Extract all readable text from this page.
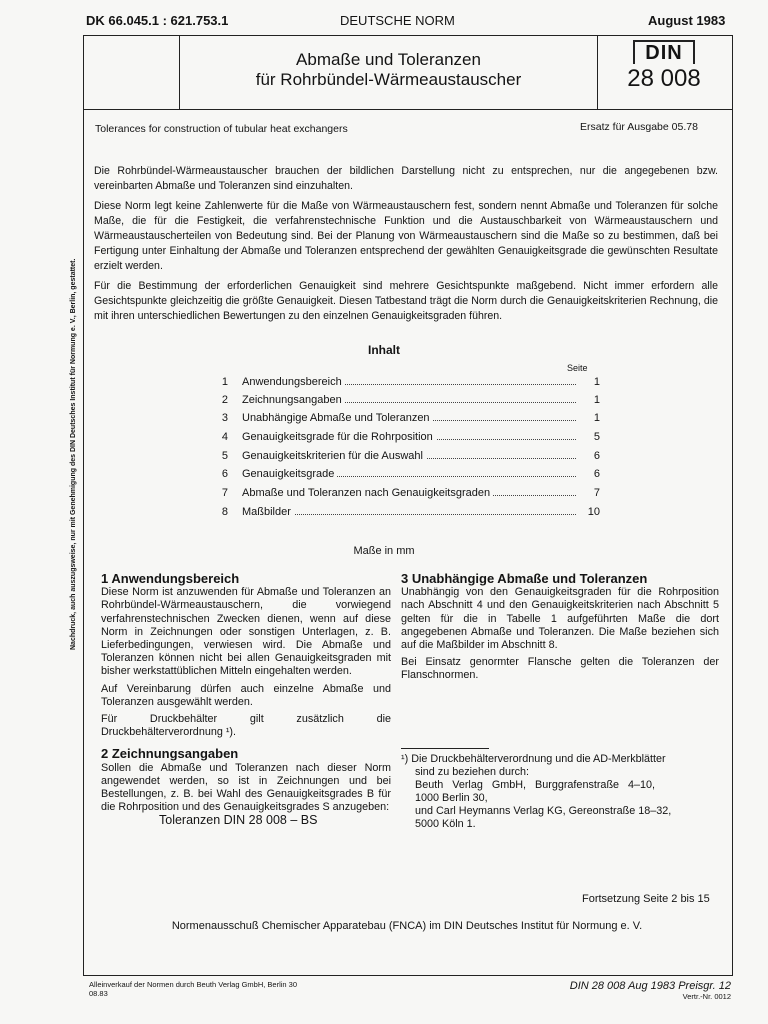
DK 66.045.1 : 621.753.1	DEUTSCHE NORM	August 1983
Abmaße und Toleranzen
für Rohrbündel-Wärmeaustauscher
DIN
28 008
Tolerances for construction of tubular heat exchangers	Ersatz für Ausgabe 05.78

Die Rohrbündel-Wärmeaustauscher brauchen der bildlichen Darstellung nicht zu entsprechen, nur die angegebenen bzw. vereinbarten Abmaße und Toleranzen sind einzuhalten.

Diese Norm legt keine Zahlenwerte für die Maße von Wärmeaustauschern fest, sondern nennt Abmaße und Toleranzen für solche Maße, die für die Festigkeit, die verfahrenstechnische Funktion und die Austauschbarkeit von Wärmeaustauschern und Wärmeaustauscherteilen von Bedeutung sind. Bei der Planung von Wärmeaustauschern sind die Maße so zu bestimmen, daß bei Fertigung unter Einhaltung der Abmaße und Toleranzen entsprechend der gewählten Genauigkeitsgrade die gewünschten Resultate erzielt werden.

Für die Bestimmung der erforderlichen Genauigkeit sind mehrere Gesichtspunkte maßgebend. Nicht immer erfordern alle Gesichtspunkte gleichzeitig die größte Genauigkeit. Diesen Tatbestand trägt die Norm durch die Genauigkeitskriterien Rechnung, die mit ihren unterschiedlichen Bewertungen zu den einzelnen Genauigkeitsgraden führen.

Inhalt
Seite
1 Anwendungsbereich	1
2 Zeichnungsangaben	1
3 Unabhängige Abmaße und Toleranzen	1
4 Genauigkeitsgrade für die Rohrposition	5
5 Genauigkeitskriterien für die Auswahl	6
6 Genauigkeitsgrade	6
7 Abmaße und Toleranzen nach Genauigkeitsgraden	7
8 Maßbilder	10
Maße in mm
1 Anwendungsbereich

Diese Norm ist anzuwenden für Abmaße und Toleranzen an Rohrbündel-Wärmeaustauschern, die vorwiegend verfahrenstechnischen Zwecken dienen, wenn auf diese Norm in Zeichnungen oder sonstigen Unterlagen, z. B. Lieferbedingungen, verwiesen wird. Die Abmaße und Toleranzen können nicht bei allen Genauigkeitsgraden mit bisher werkstattüblichen Mitteln eingehalten werden.

Auf Vereinbarung dürfen auch einzelne Abmaße und Toleranzen ausgewählt werden.

Für Druckbehälter gilt zusätzlich die Druckbehälterverordnung ¹).

2 Zeichnungsangaben

Sollen die Abmaße und Toleranzen nach dieser Norm angewendet werden, so ist in Zeichnungen und bei Bestellungen, z. B. bei Wahl des Genauigkeitsgrades B für die Rohrposition und des Genauigkeitsgrades S anzugeben:

Toleranzen DIN 28 008 – BS
3 Unabhängige Abmaße und Toleranzen

Unabhängig von den Genauigkeitsgraden für die Rohrposition nach Abschnitt 4 und den Genauigkeitskriterien nach Abschnitt 5 gelten für die in Tabelle 1 aufgeführten Maße die dort angegebenen Abmaße und Toleranzen. Die Maße beziehen sich auf die Maßbilder im Abschnitt 8.

Bei Einsatz genormter Flansche gelten die Toleranzen der Flanschnormen.

¹) Die Druckbehälterverordnung und die AD-Merkblätter
sind zu beziehen durch:
Beuth Verlag GmbH, Burggrafenstraße 4–10,
1000 Berlin 30,
und Carl Heymanns Verlag KG, Gereonstraße 18–32,
5000 Köln 1.
Fortsetzung Seite 2 bis 15
Normenausschuß Chemischer Apparatebau (FNCA) im DIN Deutsches Institut für Normung e. V.
Nachdruck, auch auszugsweise, nur mit Genehmigung des DIN Deutsches Institut für Normung e. V., Berlin, gestattet.
Alleinverkauf der Normen durch Beuth Verlag GmbH, Berlin 30
08.83
DIN 28 008 Aug 1983 Preisgr. 12
Vertr.-Nr. 0012
